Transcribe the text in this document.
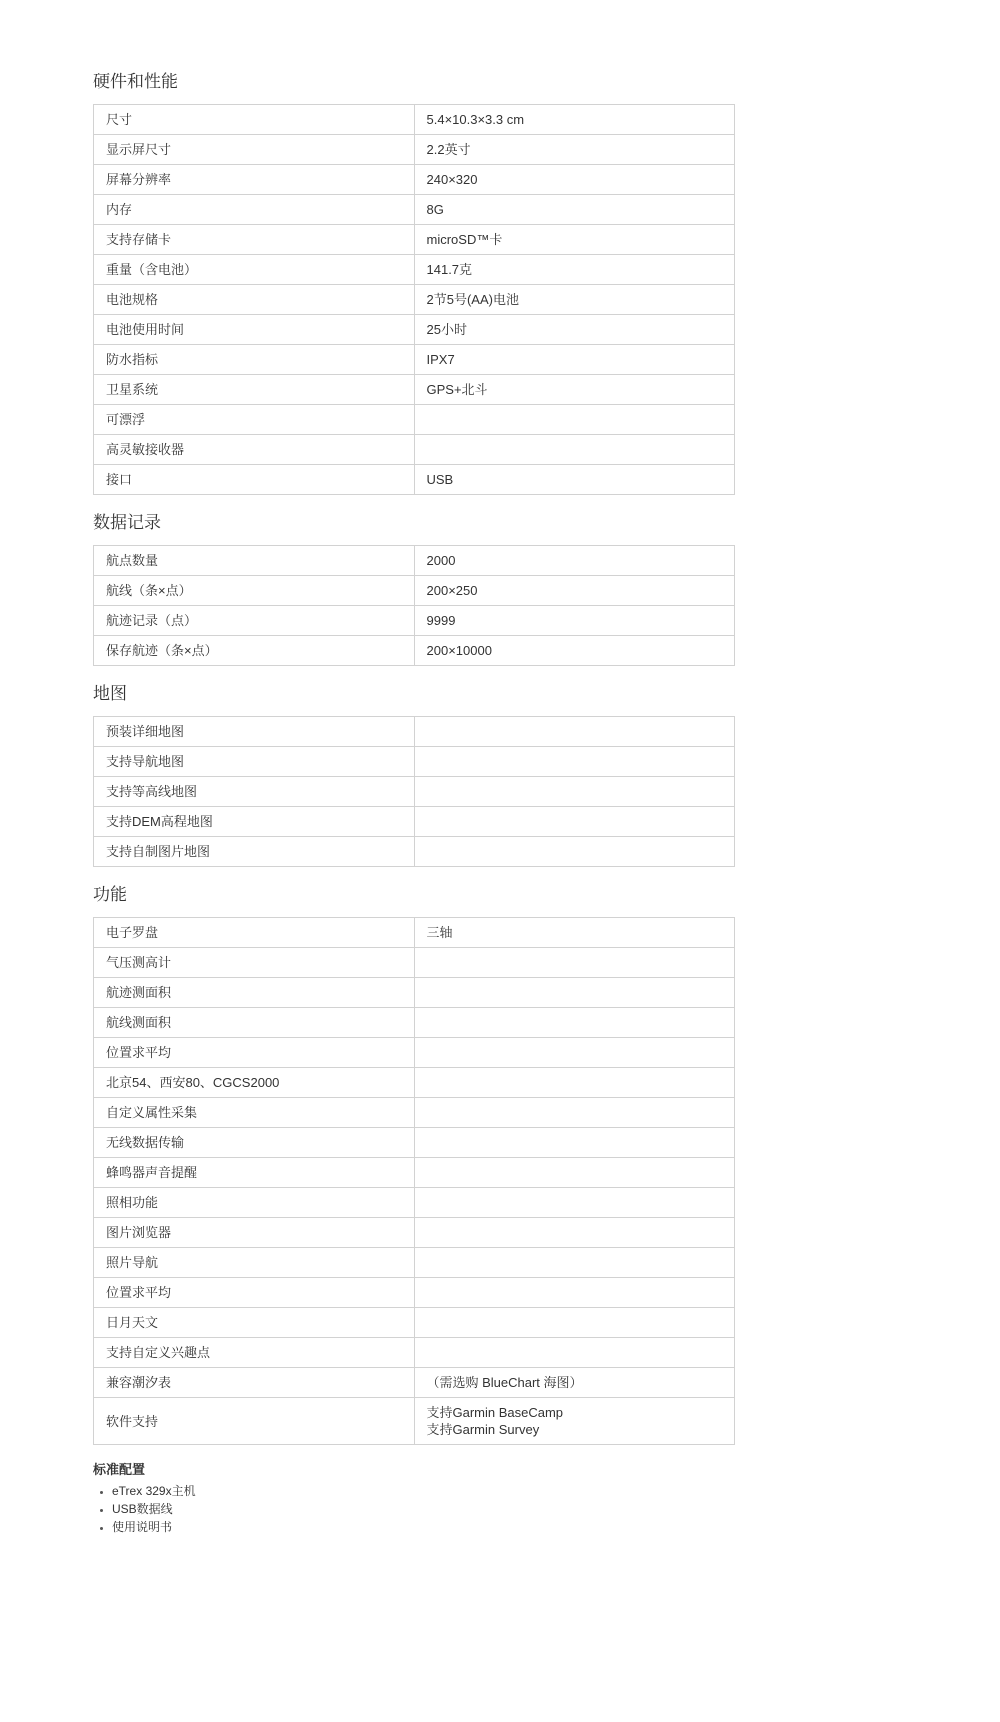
硬件和性能
尺寸	5.4×10.3×3.3 cm
显示屏尺寸	2.2英寸
屏幕分辨率	240×320
内存	8G
支持存储卡	microSD™卡
重量（含电池）	141.7克
电池规格	2节5号(AA)电池
电池使用时间	25小时
防水指标	IPX7
卫星系统	GPS+北斗
可漂浮	
高灵敏接收器	
接口	USB
数据记录
航点数量	2000
航线（条×点）	200×250
航迹记录（点）	9999
保存航迹（条×点）	200×10000
地图
预装详细地图	
支持导航地图	
支持等高线地图	
支持DEM高程地图	
支持自制图片地图	
功能
电子罗盘	三轴
气压测高计	
航迹测面积	
航线测面积	
位置求平均	
北京54、西安80、CGCS2000	
自定义属性采集	
无线数据传输	
蜂鸣器声音提醒	
照相功能	
图片浏览器	
照片导航	
位置求平均	
日月天文	
支持自定义兴趣点	
兼容潮汐表	（需选购 BlueChart 海图）
软件支持	支持Garmin BaseCamp
支持Garmin Survey
标准配置
• eTrex 329x主机
• USB数据线
• 使用说明书
